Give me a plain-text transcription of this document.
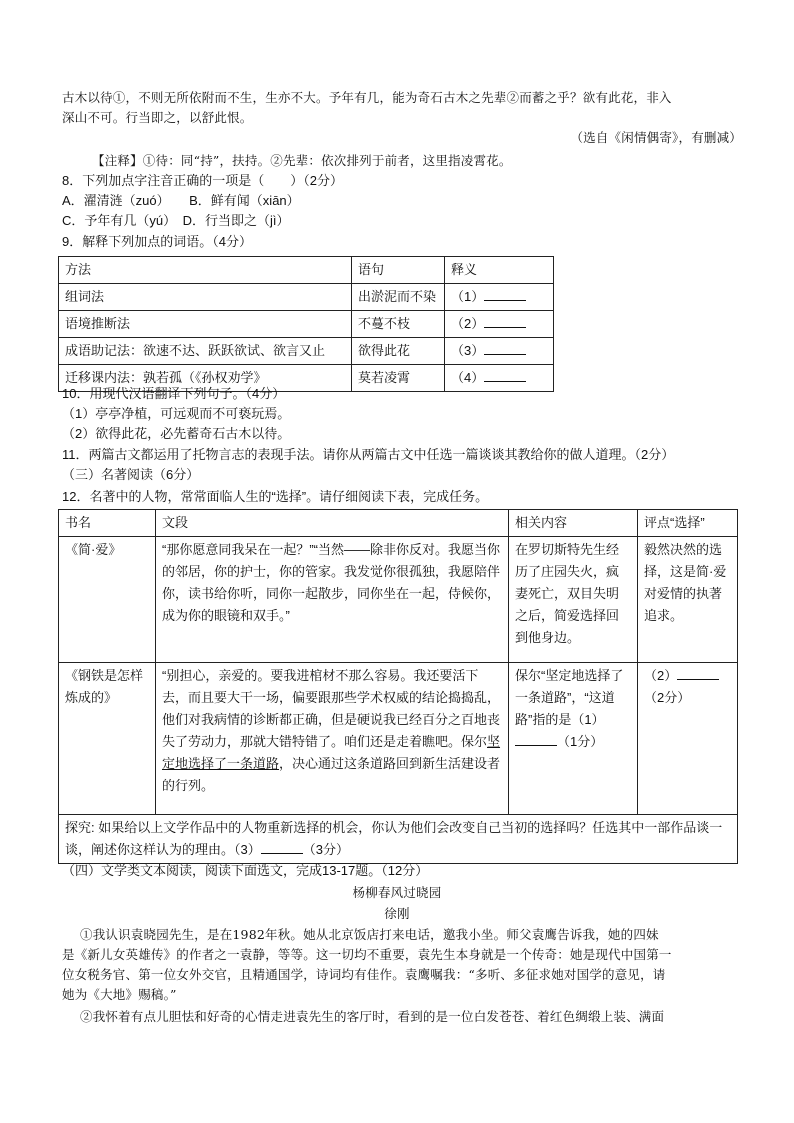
古木以待①，不则无所依附而不生，生亦不大。予年有几，能为奇石古木之先辈②而蓄之乎？欲有此花，非入
深山不可。行当即之，以舒此恨。
（选自《闲情偶寄》，有删减）
【注释】①待：同“持”，扶持。②先辈：依次排列于前者，这里指凌霄花。
8．下列加点字注音正确的一项是（　　）（2分）
A．濯清涟（zuó）　　B．鲜有闻（xiān）
C．予年有几（yú）　D．行当即之（jì）
9．解释下列加点的词语。（4分）
方法	语句	释义
组词法	出淤泥而不染	（1）
语境推断法	不蔓不枝	（2）
成语助记法：欲速不达、跃跃欲试、欲言又止	欲得此花	（3）
迁移课内法：孰若孤（《孙权劝学》	莫若凌霄	（4）
10．用现代汉语翻译下列句子。（4分）
（1）亭亭净植，可远观而不可亵玩焉。
（2）欲得此花，必先蓄奇石古木以待。
11．两篇古文都运用了托物言志的表现手法。请你从两篇古文中任选一篇谈谈其教给你的做人道理。（2分）
（三）名著阅读（6分）
12．名著中的人物，常常面临人生的“选择”。请仔细阅读下表，完成任务。
书名	文段	相关内容	评点“选择”
《简·爱》	“那你愿意同我呆在一起？”“当然——除非你反对。我愿当你的邻居，你的护士，你的管家。我发觉你很孤独，我愿陪伴你，读书给你听，同你一起散步，同你坐在一起，侍候你，成为你的眼镜和双手。”	在罗切斯特先生经历了庄园失火，疯妻死亡，双目失明之后，简爱选择回到他身边。	毅然决然的选择，这是简·爱对爱情的执著追求。
《钢铁是怎样炼成的》	“别担心，亲爱的。要我进棺材不那么容易。我还要活下去，而且要大干一场，偏要跟那些学术权威的结论捣捣乱，他们对我病情的诊断都正确，但是硬说我已经百分之百地丧失了劳动力，那就大错特错了。咱们还是走着瞧吧。保尔坚定地选择了一条道路，决心通过这条道路回到新生活建设者的行列。	保尔“坚定地选择了一条道路”，“这道路”指的是（1）
（1分）	（2）
（2分）
探究: 如果给以上文学作品中的人物重新选择的机会，你认为他们会改变自己当初的选择吗？任选其中一部作品谈一谈，阐述你这样认为的理由。（3） （3分）			
（四）文学类文本阅读，阅读下面选文，完成13-17题。（12分）
杨柳春风过晓园
徐刚
①我认识袁晓园先生，是在1982年秋。她从北京饭店打来电话，邀我小坐。师父袁鹰告诉我，她的四妹
是《新儿女英雄传》的作者之一袁静，等等。这一切均不重要，袁先生本身就是一个传奇：她是现代中国第一
位女税务官、第一位女外交官，且精通国学，诗词均有佳作。袁鹰嘱我：“多听、多征求她对国学的意见，请
她为《大地》赐稿。”
②我怀着有点儿胆怯和好奇的心情走进袁先生的客厅时，看到的是一位白发苍苍、着红色绸缎上装、满面
